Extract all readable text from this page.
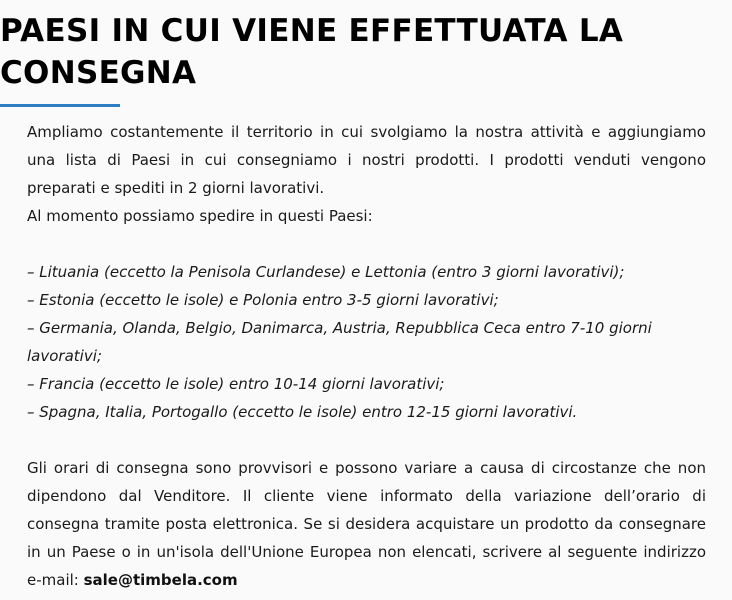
PAESI IN CUI VIENE EFFETTUATA LA CONSEGNA

Ampliamo costantemente il territorio in cui svolgiamo la nostra attività e aggiungiamo una lista di Paesi in cui consegniamo i nostri prodotti. I prodotti venduti vengono preparati e spediti in 2 giorni lavorativi.

Al momento possiamo spedire in questi Paesi:

– Lituania (eccetto la Penisola Curlandese) e Lettonia (entro 3 giorni lavorativi);

– Estonia (eccetto le isole) e Polonia entro 3-5 giorni lavorativi;

– Germania, Olanda, Belgio, Danimarca, Austria, Repubblica Ceca entro 7-10 giorni lavorativi;

– Francia (eccetto le isole) entro 10-14 giorni lavorativi;

– Spagna, Italia, Portogallo (eccetto le isole) entro 12-15 giorni lavorativi.

Gli orari di consegna sono provvisori e possono variare a causa di circostanze che non dipendono dal Venditore. Il cliente viene informato della variazione dell’orario di consegna tramite posta elettronica. Se si desidera acquistare un prodotto da consegnare in un Paese o in un'isola dell'Unione Europea non elencati, scrivere al seguente indirizzo e-mail: sale@timbela.com
